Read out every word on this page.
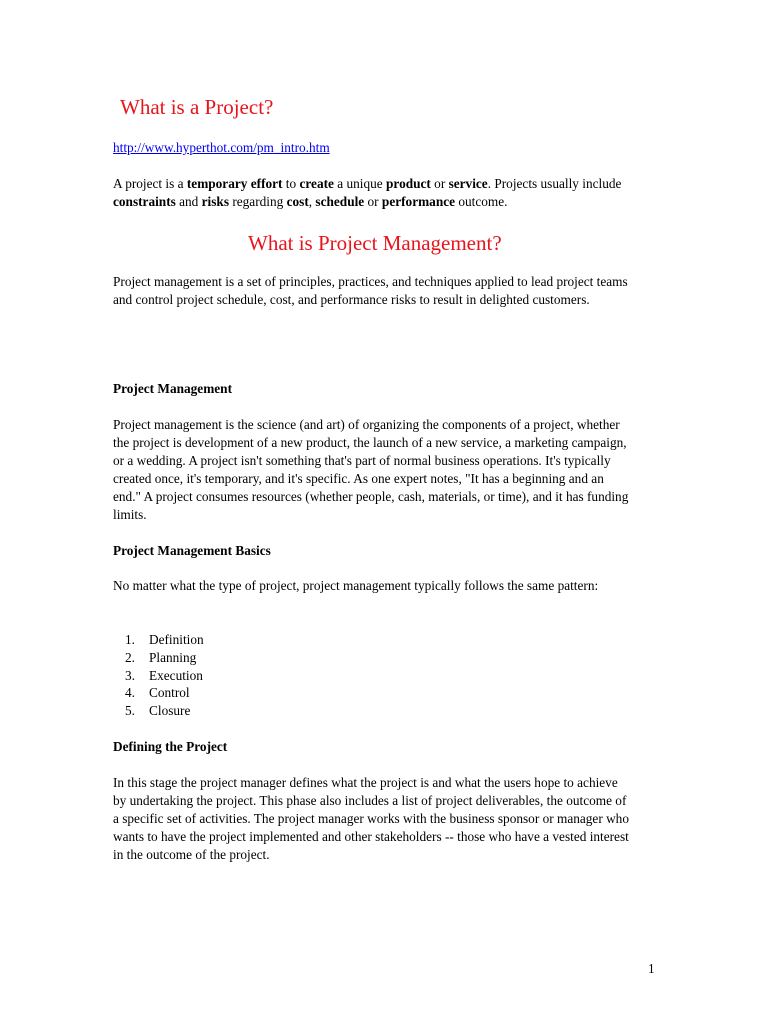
What is a Project?
http://www.hyperthot.com/pm_intro.htm

A project is a temporary effort to create a unique product or service. Projects usually include constraints and risks regarding cost, schedule or performance outcome.

What is Project Management?

Project management is a set of principles, practices, and techniques applied to lead project teams and control project schedule, cost, and performance risks to result in delighted customers.

Project Management

Project management is the science (and art) of organizing the components of a project, whether the project is development of a new product, the launch of a new service, a marketing campaign, or a wedding. A project isn't something that's part of normal business operations. It's typically created once, it's temporary, and it's specific. As one expert notes, "It has a beginning and an end." A project consumes resources (whether people, cash, materials, or time), and it has funding limits.

Project Management Basics

No matter what the type of project, project management typically follows the same pattern:

1. Definition
2. Planning
3. Execution
4. Control
5. Closure
Defining the Project

In this stage the project manager defines what the project is and what the users hope to achieve by undertaking the project. This phase also includes a list of project deliverables, the outcome of a specific set of activities. The project manager works with the business sponsor or manager who wants to have the project implemented and other stakeholders -- those who have a vested interest in the outcome of the project.

1
